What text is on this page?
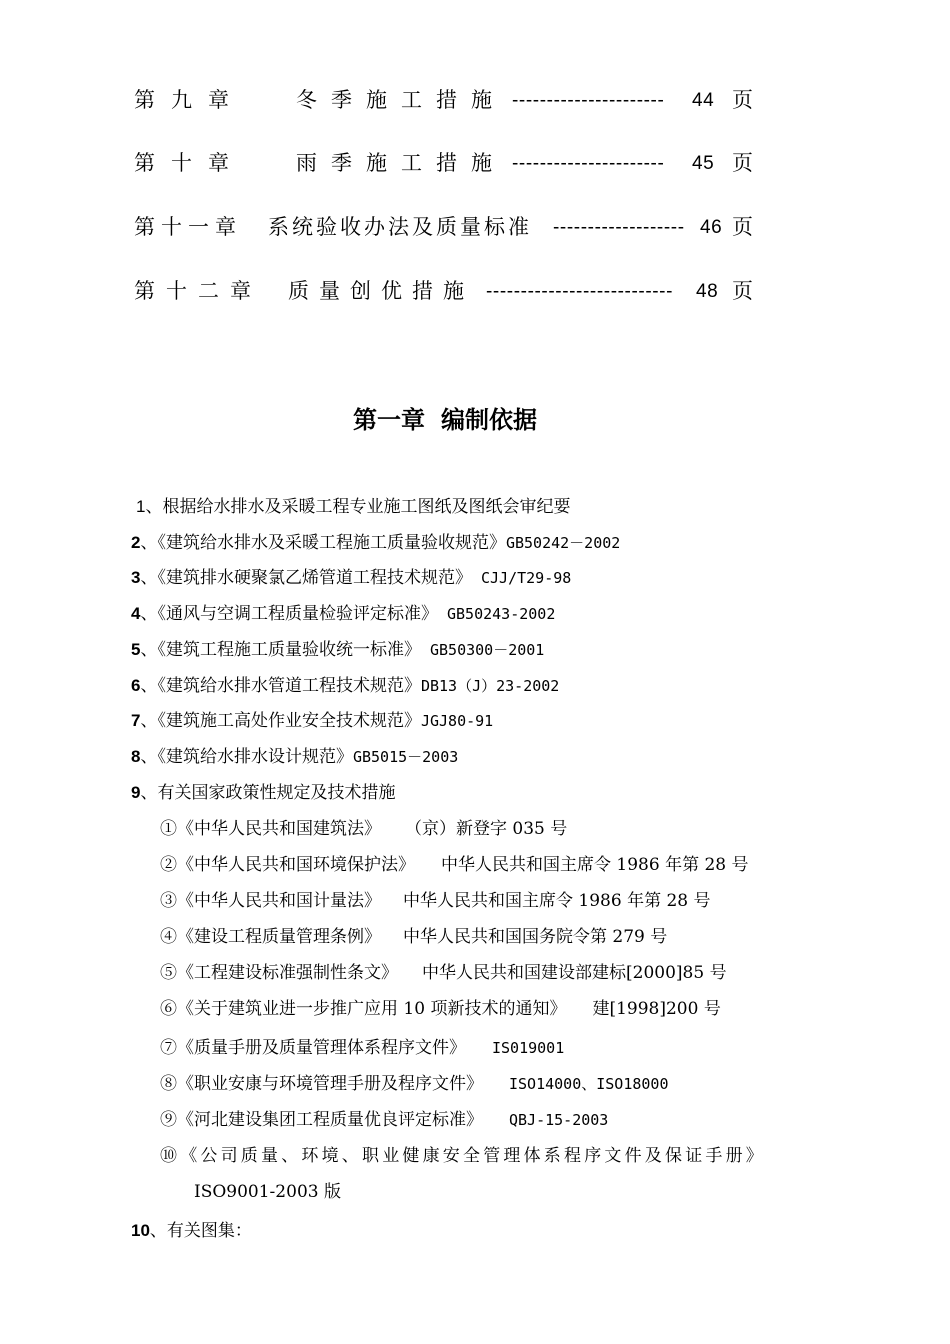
第九章 冬季施工措施 ---------------------- 44 页
第十章 雨季施工措施 ---------------------- 45 页
第十一章 系统验收办法及质量标准 ------------------- 46 页
第十二章 质量创优措施 --------------------------- 48 页
第一章 编制依据
1、根据给水排水及采暖工程专业施工图纸及图纸会审纪要
2、《建筑给水排水及采暖工程施工质量验收规范》GB50242－2002
3、《建筑排水硬聚氯乙烯管道工程技术规范》 CJJ/T29-98
4、《通风与空调工程质量检验评定标准》 GB50243-2002
5、《建筑工程施工质量验收统一标准》 GB50300－2001
6、《建筑给水排水管道工程技术规范》DB13（J）23-2002
7、《建筑施工高处作业安全技术规范》JGJ80-91
8、《建筑给水排水设计规范》GB5015－2003
9、有关国家政策性规定及技术措施
①《中华人民共和国建筑法》 （京）新登字 035 号
②《中华人民共和国环境保护法》 中华人民共和国主席令 1986 年第 28 号
③《中华人民共和国计量法》 中华人民共和国主席令 1986 年第 28 号
④《建设工程质量管理条例》 中华人民共和国国务院令第 279 号
⑤《工程建设标准强制性条文》 中华人民共和国建设部建标[2000]85 号
⑥《关于建筑业进一步推广应用 10 项新技术的通知》 建[1998]200 号
⑦《质量手册及质量管理体系程序文件》 IS019001
⑧《职业安康与环境管理手册及程序文件》 ISO14000、ISO18000
⑨《河北建设集团工程质量优良评定标准》 QBJ-15-2003
⑩《公司质量、环境、职业健康安全管理体系程序文件及保证手册》
ISO9001-2003 版
10、有关图集：
